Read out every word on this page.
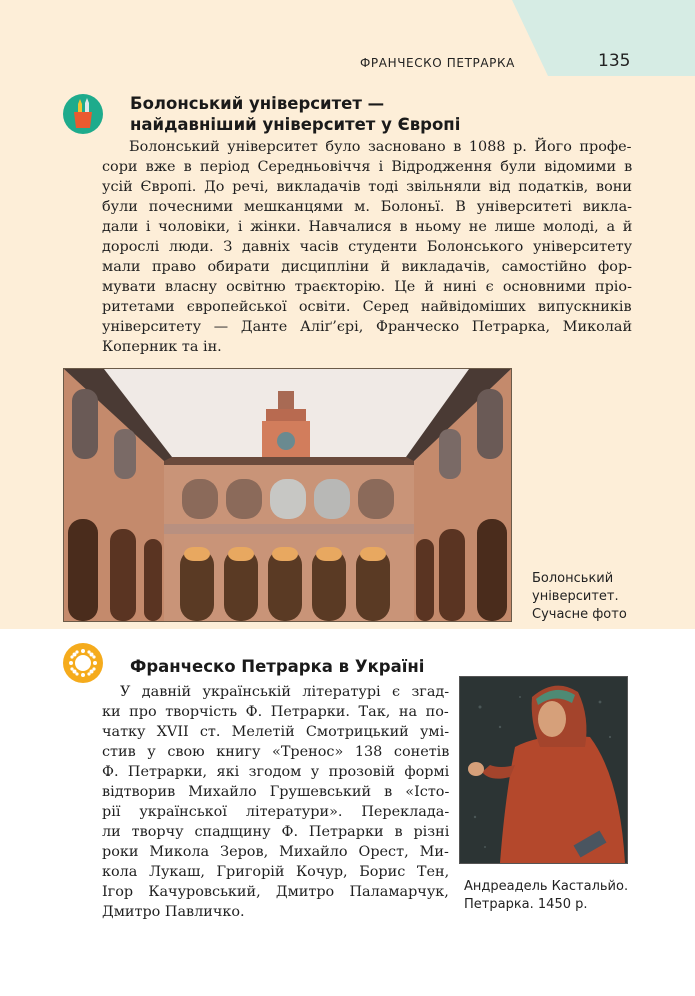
ФРАНЧЕСКО ПЕТРАРКА	135
Болонський університет —
найдавніший університет у Європі
Болонський університет було засновано в 1088 р. Його профе-
сори вже в період Середньовіччя і Відродження були відомими в
усій Європі. До речі, викладачів тоді звільняли від податків, вони
були почесними мешканцями м. Болоньї. В університеті викла-
дали і чоловіки, і жінки. Навчалися в ньому не лише молоді, а й
дорослі люди. З давніх часів студенти Болонського університету
мали право обирати дисципліни й викладачів, самостійно фор-
мувати власну освітню траєкторію. Це й нині є основними пріо-
ритетами європейської освіти. Серед найвідоміших випускників
університету — Данте Аліґ’єрі, Франческо Петрарка, Миколай
Коперник та ін.
Болонський
університет.
Сучасне фото
Франческо Петрарка в Україні
У давній українській літературі є згад-
ки про творчість Ф. Петрарки. Так, на по-
чатку XVII ст. Мелетій Смотрицький умі-
стив у свою книгу «Тренос» 138 сонетів
Ф. Петрарки, які згодом у прозовій формі
відтворив Михайло Грушевський в «Істо-
рії української літератури». Переклада-
ли творчу спадщину Ф. Петрарки в різні
роки Микола Зеров, Михайло Орест, Ми-
кола Лукаш, Григорій Кочур, Борис Тен,
Ігор Качуровський, Дмитро Паламарчук,
Дмитро Павличко.
Андреадель Кастальйо.
Петрарка. 1450 р.
